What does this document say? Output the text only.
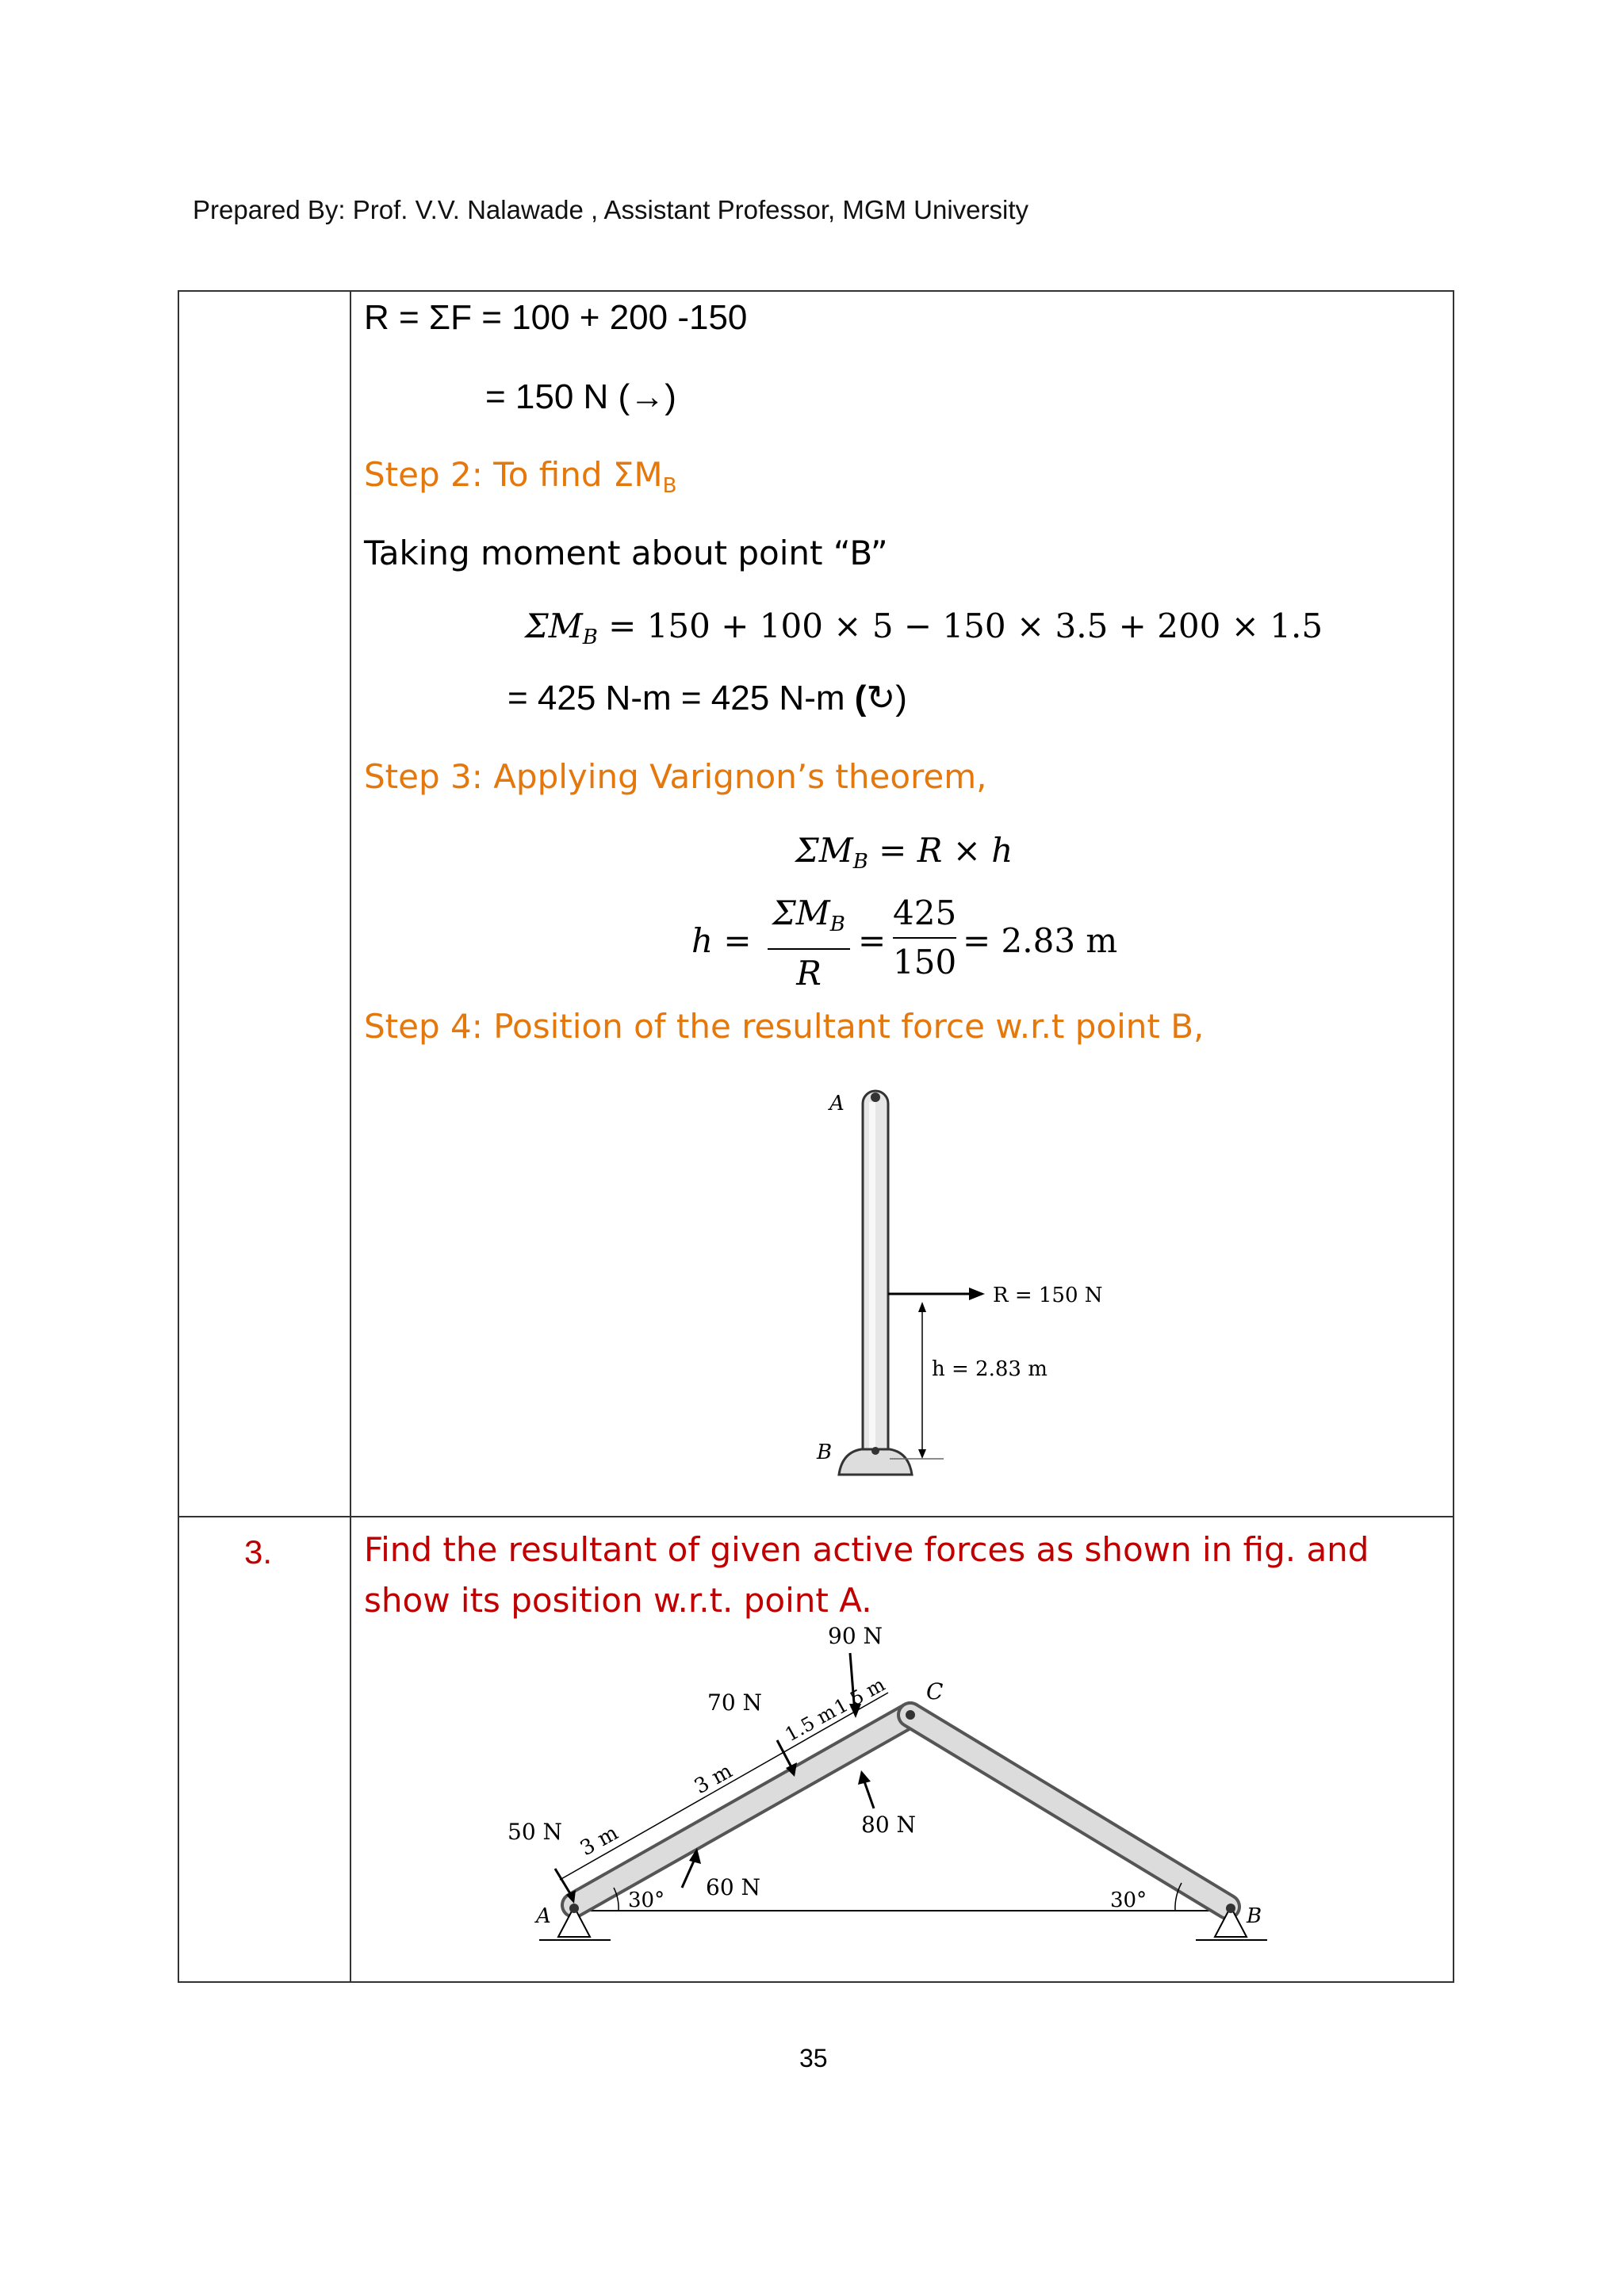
Prepared By: Prof. V.V. Nalawade , Assistant Professor, MGM University
R = ΣF = 100 + 200 -150
= 150 N (→)
Step 2: To find $\Sigma M_B$
Taking moment about point “B”
$\Sigma M_B = 150 + 100 \times 5 - 150 \times 3.5 + 200 \times 1.5$
= 425 N-m = 425 N-m (↻)
Step 3: Applying Varignon’s theorem,
$\Sigma M_B = R \times h$
h =
$\Sigma M_B$
R
=
425
150
= 2.83 m
Step 4: Position of the resultant force w.r.t point B,
A
B
R = 150 N
h = 2.83 m
3.	Find the resultant of given active forces as shown in fig. and
show its position w.r.t. point A.
50 N
60 N
70 N
90 N
80 N
3 m
3 m
1.5 m
1.5 m
30°	30°
A	B
C
35
